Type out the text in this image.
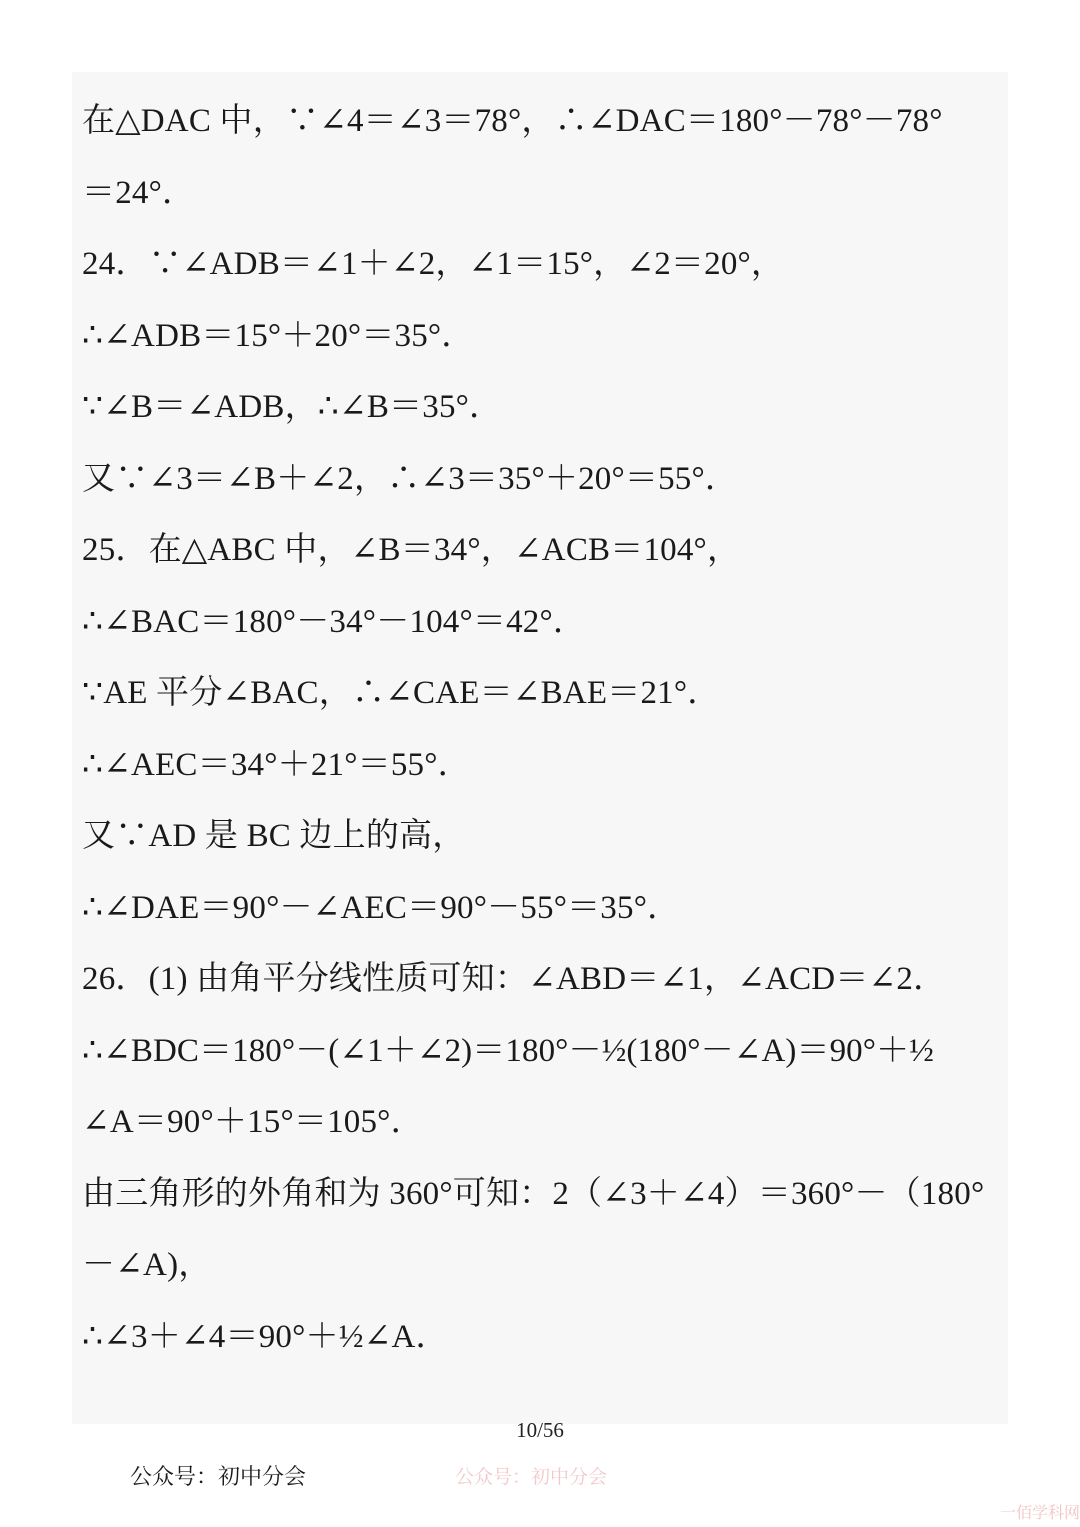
在△DAC 中，∵∠4＝∠3＝78°，∴∠DAC＝180°－78°－78°
＝24°．
24．∵∠ADB＝∠1＋∠2，∠1＝15°，∠2＝20°，
∴∠ADB＝15°＋20°＝35°．
∵∠B＝∠ADB，∴∠B＝35°．
又∵∠3＝∠B＋∠2，∴∠3＝35°＋20°＝55°．
25．在△ABC 中，∠B＝34°，∠ACB＝104°，
∴∠BAC＝180°－34°－104°＝42°．
∵AE 平分∠BAC，∴∠CAE＝∠BAE＝21°．
∴∠AEC＝34°＋21°＝55°．
又∵AD 是 BC 边上的高，
∴∠DAE＝90°－∠AEC＝90°－55°＝35°．
26．(1) 由角平分线性质可知：∠ABD＝∠1，∠ACD＝∠2．
∴∠BDC＝180°－(∠1＋∠2)＝180°－½(180°－∠A)＝90°＋½
∠A＝90°＋15°＝105°．
由三角形的外角和为 360°可知：2（∠3＋∠4）＝360°－（180°
－∠A)，
∴∠3＋∠4＝90°＋½∠A．
10/56
公众号：初中分会	公众号：初中分会
一佰学科网
